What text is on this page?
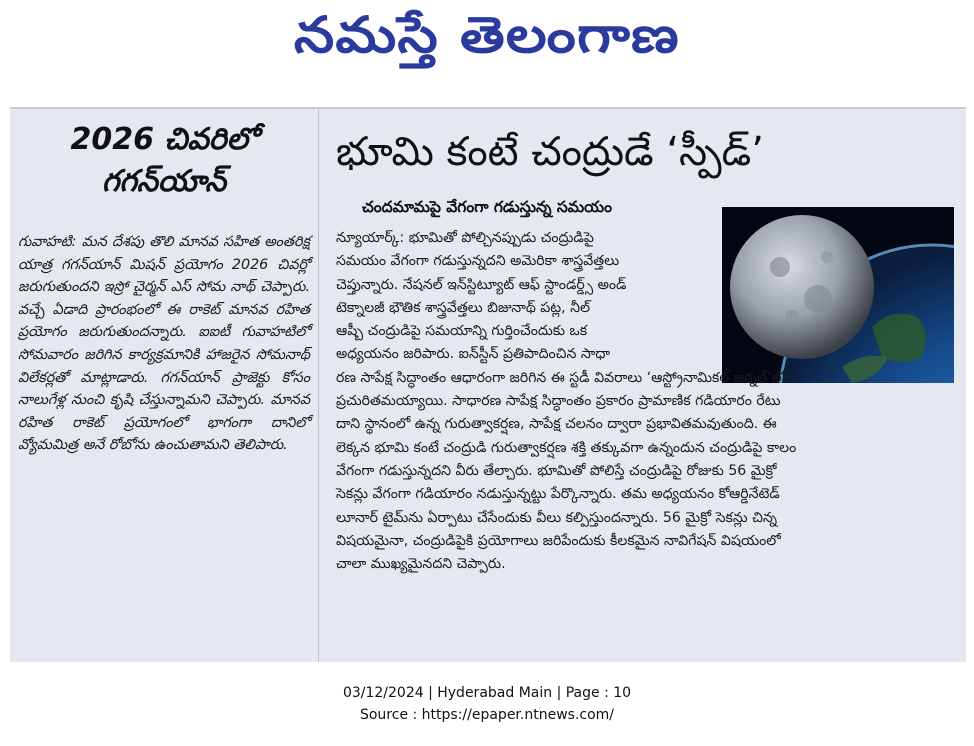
నమస్తే తెలంగాణ
2026 చివరిలో
గగన్‌యాన్
గువాహటి: మన దేశపు తొలి మానవ సహిత అంతరిక్ష యాత్ర గగన్‌యాన్ మిషన్ ప్రయోగం 2026 చివర్లో జరుగుతుందని ఇస్రో చైర్మన్ ఎస్ సోమ నాథ్ చెప్పారు. వచ్చే ఏడాది ప్రారంభంలో ఈ రాకెట్ మానవ రహిత ప్రయోగం జరుగుతుందన్నారు. ఐఐటీ గువాహటిలో సోమవారం జరిగిన కార్యక్రమానికి హాజరైన సోమనాథ్ విలేకర్లతో మాట్లాడారు. గగన్‌యాన్ ప్రాజెక్టు కోసం నాలుగేళ్ల నుంచి కృషి చేస్తున్నామని చెప్పారు. మానవ రహిత రాకెట్ ప్రయోగంలో భాగంగా దానిలో వ్యోమమిత్ర అనే రోబోను ఉంచుతామని తెలిపారు.
భూమి కంటే చంద్రుడే ‘స్పీడ్’
చందమామపై వేగంగా గడుస్తున్న సమయం
న్యూయార్క్: భూమితో పోల్చినప్పుడు చంద్రుడిపై
సమయం వేగంగా గడుస్తున్నదని అమెరికా శాస్త్రవేత్తలు
చెప్తున్నారు. నేషనల్ ఇన్‌స్టిట్యూట్ ఆఫ్ స్టాండర్డ్స్ అండ్
టెక్నాలజీ భౌతిక శాస్త్రవేత్తలు బిజునాథ్ పట్ల, నీల్
ఆష్బీ చంద్రుడిపై సమయాన్ని గుర్తించేందుకు ఒక
అధ్యయనం జరిపారు. ఐన్‌స్టీన్ ప్రతిపాదించిన సాధా
రణ సాపేక్ష సిద్ధాంతం ఆధారంగా జరిగిన ఈ స్టడీ వివరాలు ‘ఆస్ట్రోనామికల్ జర్నల్’లో
ప్రచురితమయ్యాయి. సాధారణ సాపేక్ష సిద్ధాంతం ప్రకారం ప్రామాణిక గడియారం రేటు
దాని స్థానంలో ఉన్న గురుత్వాకర్షణ, సాపేక్ష చలనం ద్వారా ప్రభావితమవుతుంది. ఈ
లెక్కన భూమి కంటే చంద్రుడి గురుత్వాకర్షణ శక్తి తక్కువగా ఉన్నందున చంద్రుడిపై కాలం
వేగంగా గడుస్తున్నదని వీరు తేల్చారు. భూమితో పోలిస్తే చంద్రుడిపై రోజుకు 56 మైక్రో
సెకన్లు వేగంగా గడియారం నడుస్తున్నట్టు పేర్కొన్నారు. తమ అధ్యయనం కోఆర్డినేటెడ్
లూనార్ టైమ్‌ను ఏర్పాటు చేసేందుకు వీలు కల్పిస్తుందన్నారు. 56 మైక్రో సెకన్లు చిన్న
విషయమైనా, చంద్రుడిపైకి ప్రయోగాలు జరిపేందుకు కీలకమైన నావిగేషన్ విషయంలో
చాలా ముఖ్యమైనదని చెప్పారు.
03/12/2024 | Hyderabad Main | Page : 10
Source : https://epaper.ntnews.com/
